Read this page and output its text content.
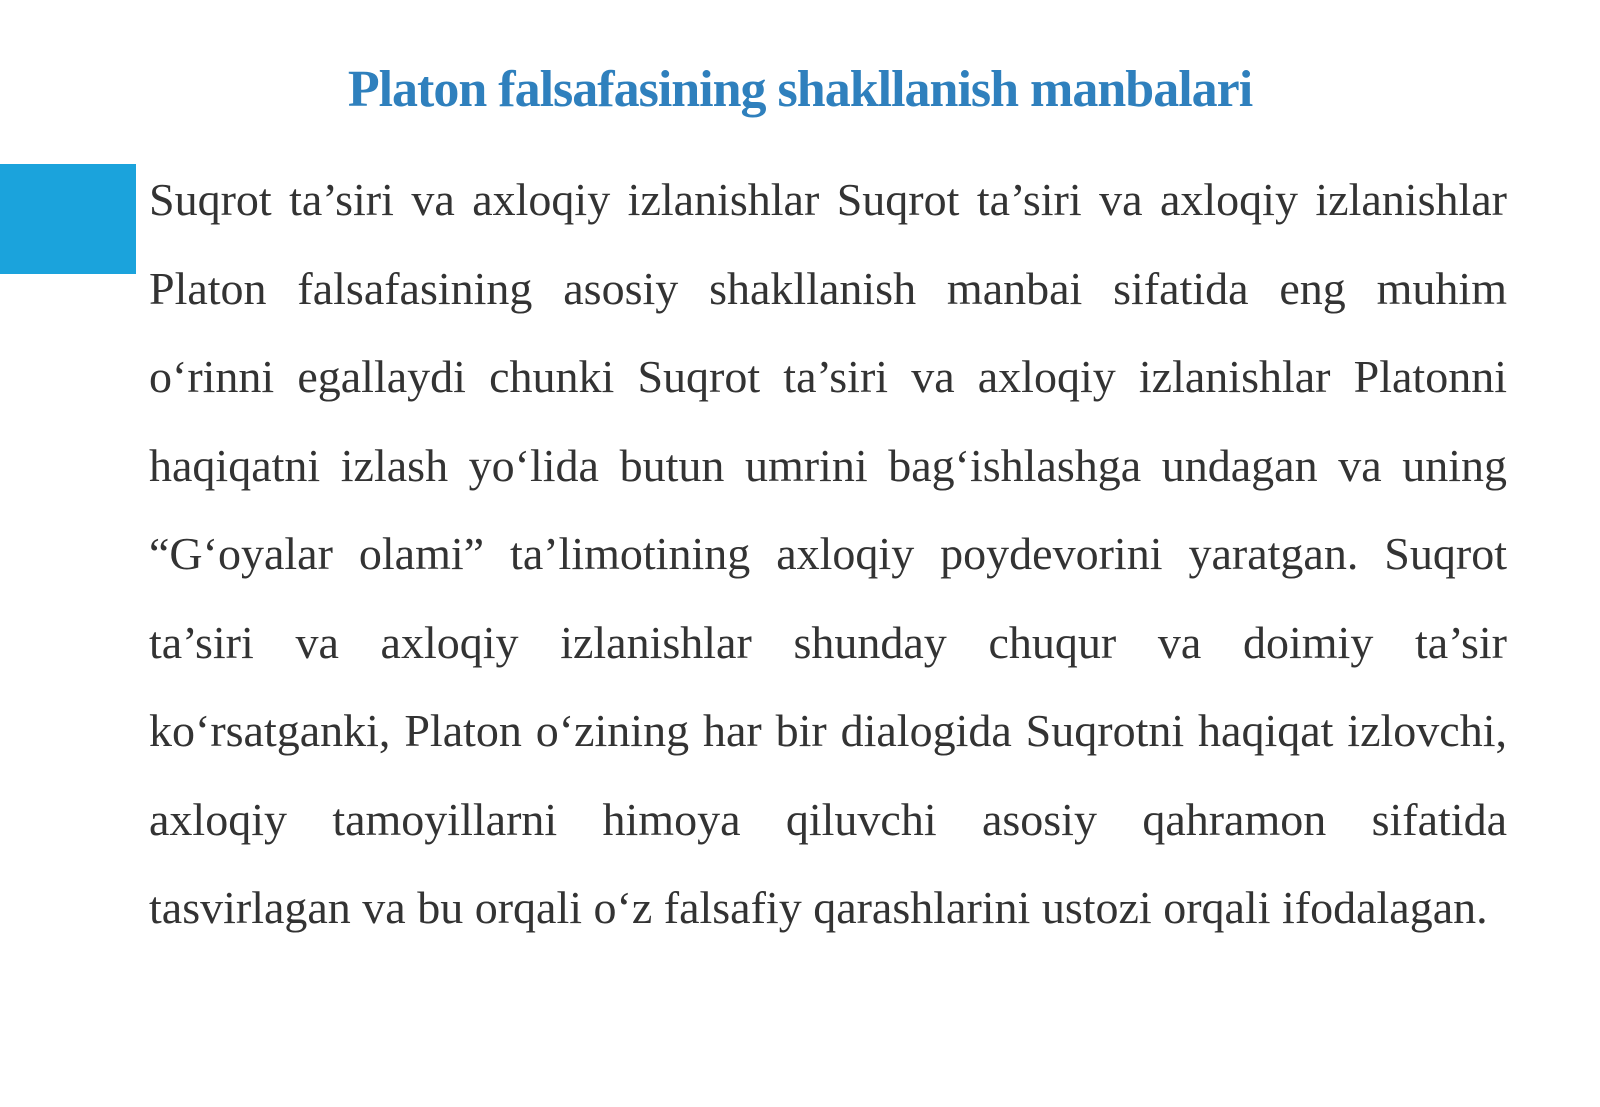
Platon falsafasining shakllanish manbalari

Suqrot ta’siri va axloqiy izlanishlar Suqrot ta’siri va axloqiy izlanishlar Platon falsafasining asosiy shakllanish manbai sifatida eng muhim o‘rinni egallaydi chunki Suqrot ta’siri va axloqiy izlanishlar Platonni haqiqatni izlash yo‘lida butun umrini bag‘ishlashga undagan va uning “G‘oyalar olami” ta’limotining axloqiy poydevorini yaratgan. Suqrot ta’siri va axloqiy izlanishlar shunday chuqur va doimiy ta’sir ko‘rsatganki, Platon o‘zining har bir dialogida Suqrotni haqiqat izlovchi, axloqiy tamoyillarni himoya qiluvchi asosiy qahramon sifatida tasvirlagan va bu orqali o‘z falsafiy qarashlarini ustozi orqali ifodalagan.
